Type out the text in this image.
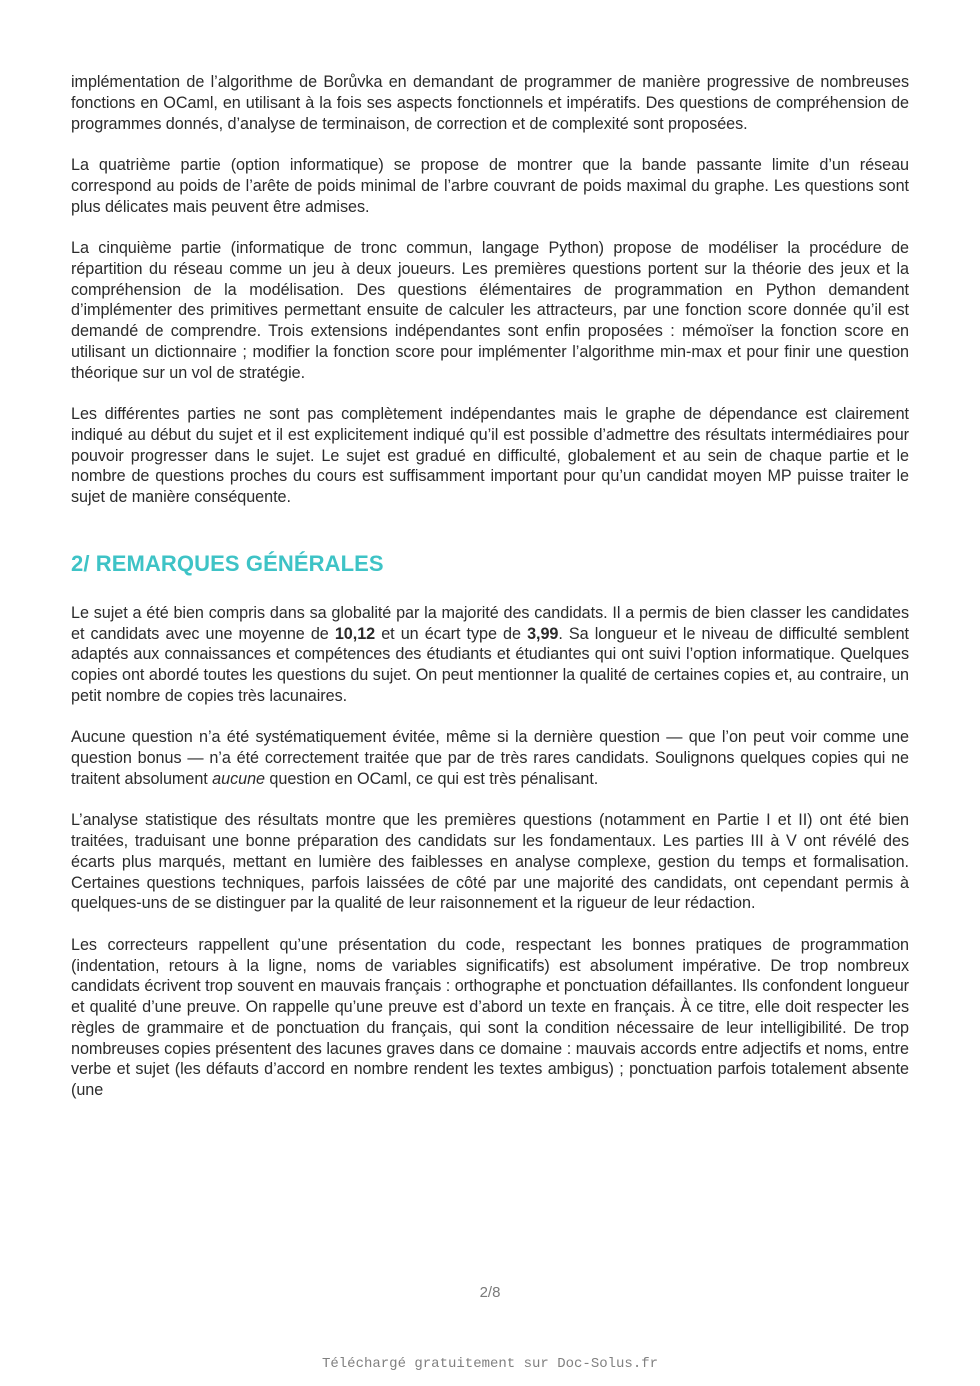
implémentation de l’algorithme de Borůvka en demandant de programmer de manière progressive de nombreuses fonctions en OCaml, en utilisant à la fois ses aspects fonctionnels et impératifs. Des questions de compréhension de programmes donnés, d’analyse de terminaison, de correction et de complexité sont proposées.

La quatrième partie (option informatique) se propose de montrer que la bande passante limite d’un réseau correspond au poids de l’arête de poids minimal de l’arbre couvrant de poids maximal du graphe. Les questions sont plus délicates mais peuvent être admises.

La cinquième partie (informatique de tronc commun, langage Python) propose de modéliser la procédure de répartition du réseau comme un jeu à deux joueurs. Les premières questions portent sur la théorie des jeux et la compréhension de la modélisation. Des questions élémentaires de programmation en Python demandent d’implémenter des primitives permettant ensuite de calculer les attracteurs, par une fonction score donnée qu’il est demandé de comprendre. Trois extensions indépendantes sont enfin proposées : mémoïser la fonction score en utilisant un dictionnaire ; modifier la fonction score pour implémenter l’algorithme min-max et pour finir une question théorique sur un vol de stratégie.

Les différentes parties ne sont pas complètement indépendantes mais le graphe de dépendance est clairement indiqué au début du sujet et il est explicitement indiqué qu’il est possible d’admettre des résultats intermédiaires pour pouvoir progresser dans le sujet. Le sujet est gradué en difficulté, globalement et au sein de chaque partie et le nombre de questions proches du cours est suffisamment important pour qu’un candidat moyen MP puisse traiter le sujet de manière conséquente.

2/ REMARQUES GÉNÉRALES

Le sujet a été bien compris dans sa globalité par la majorité des candidats. Il a permis de bien classer les candidates et candidats avec une moyenne de 10,12 et un écart type de 3,99. Sa longueur et le niveau de difficulté semblent adaptés aux connaissances et compétences des étudiants et étudiantes qui ont suivi l’option informatique. Quelques copies ont abordé toutes les questions du sujet. On peut mentionner la qualité de certaines copies et, au contraire, un petit nombre de copies très lacunaires.

Aucune question n’a été systématiquement évitée, même si la dernière question — que l’on peut voir comme une question bonus — n’a été correctement traitée que par de très rares candidats. Soulignons quelques copies qui ne traitent absolument aucune question en OCaml, ce qui est très pénalisant.

L’analyse statistique des résultats montre que les premières questions (notamment en Partie I et II) ont été bien traitées, traduisant une bonne préparation des candidats sur les fondamentaux. Les parties III à V ont révélé des écarts plus marqués, mettant en lumière des faiblesses en analyse complexe, gestion du temps et formalisation. Certaines questions techniques, parfois laissées de côté par une majorité des candidats, ont cependant permis à quelques-uns de se distinguer par la qualité de leur raisonnement et la rigueur de leur rédaction.

Les correcteurs rappellent qu’une présentation du code, respectant les bonnes pratiques de programmation (indentation, retours à la ligne, noms de variables significatifs) est absolument impérative. De trop nombreux candidats écrivent trop souvent en mauvais français : orthographe et ponctuation défaillantes. Ils confondent longueur et qualité d’une preuve. On rappelle qu’une preuve est d’abord un texte en français. À ce titre, elle doit respecter les règles de grammaire et de ponctuation du français, qui sont la condition nécessaire de leur intelligibilité. De trop nombreuses copies présentent des lacunes graves dans ce domaine : mauvais accords entre adjectifs et noms, entre verbe et sujet (les défauts d’accord en nombre rendent les textes ambigus) ; ponctuation parfois totalement absente (une

2/8
Téléchargé gratuitement sur Doc-Solus.fr
